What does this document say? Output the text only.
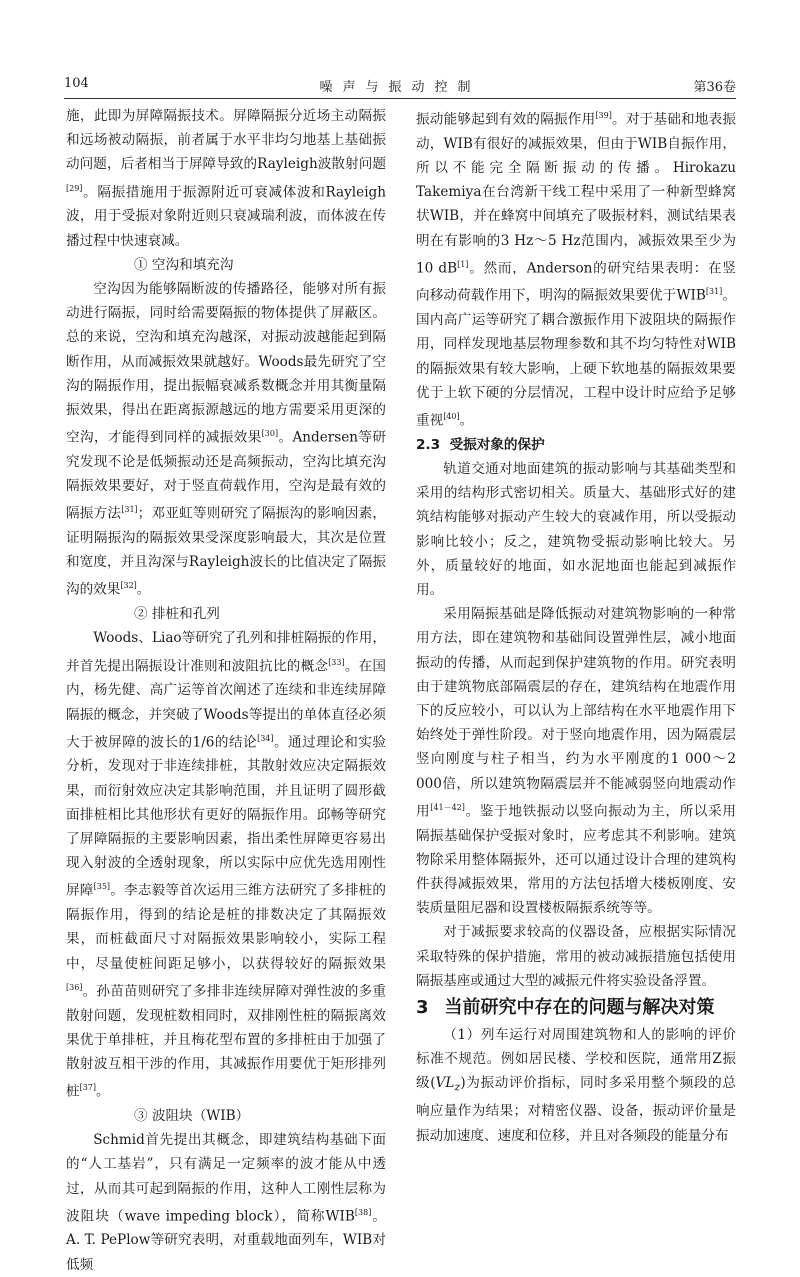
104	噪声与振动控制	第36卷

施，此即为屏障隔振技术。屏障隔振分近场主动隔振和远场被动隔振，前者属于水平非均匀地基上基础振动问题，后者相当于屏障导致的Rayleigh波散射问题[29]。隔振措施用于振源附近可衰减体波和Rayleigh波，用于受振对象附近则只衰减瑞利波，而体波在传播过程中快速衰减。

① 空沟和填充沟

空沟因为能够隔断波的传播路径，能够对所有振动进行隔振，同时给需要隔振的物体提供了屏蔽区。总的来说，空沟和填充沟越深，对振动波越能起到隔断作用，从而减振效果就越好。Woods最先研究了空沟的隔振作用，提出振幅衰减系数概念并用其衡量隔振效果，得出在距离振源越远的地方需要采用更深的空沟，才能得到同样的减振效果[30]。Andersen等研究发现不论是低频振动还是高频振动，空沟比填充沟隔振效果要好，对于竖直荷载作用，空沟是最有效的隔振方法[31]；邓亚虹等则研究了隔振沟的影响因素，证明隔振沟的隔振效果受深度影响最大，其次是位置和宽度，并且沟深与Rayleigh波长的比值决定了隔振沟的效果[32]。

② 排桩和孔列

Woods、Liao等研究了孔列和排桩隔振的作用，并首先提出隔振设计准则和波阻抗比的概念[33]。在国内，杨先健、高广运等首次阐述了连续和非连续屏障隔振的概念，并突破了Woods等提出的单体直径必须大于被屏障的波长的1/6的结论[34]。通过理论和实验分析，发现对于非连续排桩，其散射效应决定隔振效果，而衍射效应决定其影响范围，并且证明了圆形截面排桩相比其他形状有更好的隔振作用。邱畅等研究了屏障隔振的主要影响因素，指出柔性屏障更容易出现入射波的全透射现象，所以实际中应优先选用刚性屏障[35]。李志毅等首次运用三维方法研究了多排桩的隔振作用，得到的结论是桩的排数决定了其隔振效果，而桩截面尺寸对隔振效果影响较小，实际工程中，尽量使桩间距足够小，以获得较好的隔振效果[36]。孙苗苗则研究了多排非连续屏障对弹性波的多重散射问题，发现桩数相同时，双排刚性桩的隔振离效果优于单排桩，并且梅花型布置的多排桩由于加强了散射波互相干涉的作用，其减振作用要优于矩形排列桩[37]。

③ 波阻块（WIB）

Schmid首先提出其概念，即建筑结构基础下面的“人工基岩”，只有满足一定频率的波才能从中透过，从而其可起到隔振的作用，这种人工刚性层称为波阻块（wave impeding block），简称WIB[38]。A. T. PePlow等研究表明，对重载地面列车，WIB对低频

振动能够起到有效的隔振作用[39]。对于基础和地表振动，WIB有很好的减振效果，但由于WIB自振作用，所以不能完全隔断振动的传播。Hirokazu Takemiya在台湾新干线工程中采用了一种新型蜂窝状WIB，并在蜂窝中间填充了吸振材料，测试结果表明在有影响的3 Hz～5 Hz范围内，减振效果至少为10 dB[1]。然而，Anderson的研究结果表明：在竖向移动荷载作用下，明沟的隔振效果要优于WIB[31]。国内高广运等研究了耦合激振作用下波阻块的隔振作用，同样发现地基层物理参数和其不均匀特性对WIB的隔振效果有较大影响，上硬下软地基的隔振效果要优于上软下硬的分层情况，工程中设计时应给予足够重视[40]。

2.3 受振对象的保护

轨道交通对地面建筑的振动影响与其基础类型和采用的结构形式密切相关。质量大、基础形式好的建筑结构能够对振动产生较大的衰减作用，所以受振动影响比较小；反之，建筑物受振动影响比较大。另外，质量较好的地面，如水泥地面也能起到减振作用。

采用隔振基础是降低振动对建筑物影响的一种常用方法，即在建筑物和基础间设置弹性层，减小地面振动的传播，从而起到保护建筑物的作用。研究表明由于建筑物底部隔震层的存在，建筑结构在地震作用下的反应较小，可以认为上部结构在水平地震作用下始终处于弹性阶段。对于竖向地震作用，因为隔震层竖向刚度与柱子相当，约为水平刚度的1 000～2 000倍，所以建筑物隔震层并不能减弱竖向地震动作用[41－42]。鉴于地铁振动以竖向振动为主，所以采用隔振基础保护受振对象时，应考虑其不利影响。建筑物除采用整体隔振外，还可以通过设计合理的建筑构件获得减振效果，常用的方法包括增大楼板刚度、安装质量阻尼器和设置楼板隔振系统等等。

对于减振要求较高的仪器设备，应根据实际情况采取特殊的保护措施，常用的被动减振措施包括使用隔振基座或通过大型的减振元件将实验设备浮置。

3 当前研究中存在的问题与解决对策

（1）列车运行对周围建筑物和人的影响的评价标准不规范。例如居民楼、学校和医院，通常用Z振级$(VL_z)$为振动评价指标，同时多采用整个频段的总响应量作为结果；对精密仪器、设备，振动评价量是振动加速度、速度和位移，并且对各频段的能量分布
